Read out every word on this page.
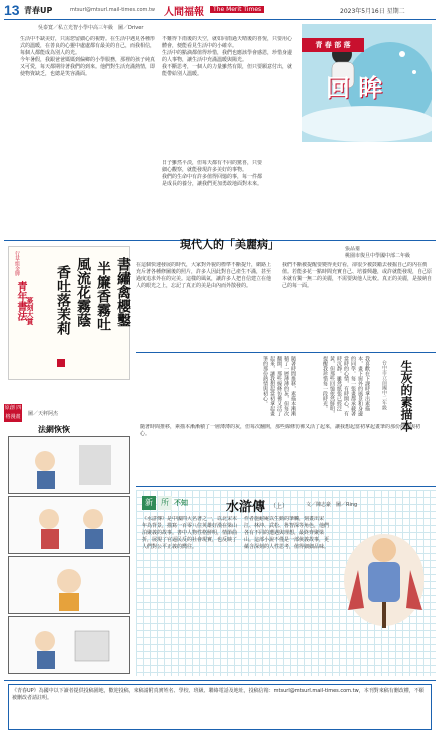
13 青春UP	mtsurl@mtsurl.mail-times.com.tw 人間福報	The Merit Times	2023年5月16日 星期二
吳泰寬／私立光智小學中高三年級　圖／Driver
生活中不缺美好，只需您留細心的視野。在生活中遇見各種形式的溫暖，在善良的心靈中處處都有最美的自己，而我相信，每個人都能成為別人的光。
今年暑假，我跟爸爸媽媽到偏鄉的小學服務，那裡的孩子純真又可愛，每天都期待著我們的到來。他們對生活充滿熱情，即使物資缺乏，也總是笑容滿面。
不難得下雨後的天空，就如同雨過天晴後的喜悅，只要用心體會，便能看見生活中的小確幸。
生活中的點滴都值得珍惜，我們也應該學會感恩，珍惜身邊的人事物，讓生活中充滿溫暖與陽光。
我不斷思考，一個人的力量雖然有限，但只要願意付出，就能帶給別人溫暖。
日子雖然平淡，但每天都有不同的驚喜，只要細心觀察，就能發現許多美好的事物。
我們的生命中有許多值得回憶的事，每一件都是成長的養分，讓我們更加勇敢地面對未來。
青 春 部 落
回 眸
現代人的「美麗病」	張品蓁
桃園市復旦中學國中部二年級
在這個快速發展的時代，大家對外貌的標準不斷提升，網路上充斥著各種修圖後的照片，許多人因此對自己產生不滿，甚至過度追求外在的完美。這樣的風氣，讓許多人把自信建立在他人的眼光之上，忘記了真正的美是由內而外散發的。
我們不斷被提醒要變得更好看，卻很少被鼓勵去發掘自己的內在價值。若能多花一點時間充實自己、培養興趣，或許就能發現，自己原本就有獨一無二的美麗，不需要與他人比較。真正的美麗，是接納自己的每一面。
青年書法 篆刻大賞
行草組金牌	書繡禽櫻鑿
半簾香霧吐
風流花霧蔭
香吐落茉莉
我喜歡在下課時拿出素描本，畫下窗外的風景和身邊的同學。每一張畫都承載著當時的心情，有時開心，有時沉靜。雖然紙張已經泛黃，但那些回憶依然鮮明，提醒我珍惜每一段時光。
隨著時間推移，素描本漸漸積了一層薄薄的灰，但每次翻開，那些線條彷彿又活了起來，讓我想起當初拿起畫筆的那份熱情與初心。	台中市立前國中二年級 生灰的素描本
隨著時間推移，素描本漸漸積了一層薄薄的灰，但每次翻開，那些線條彷彿又活了起來，讓我想起當初拿起畫筆的那份熱情與初心。
原創 四格漫畫	圖／天秤阿杰
法網恢恢
新	所 不知	水滸傳 （上）	文／陳志豪　圖／Ring
《水滸傳》是中國四大名著之一，以北宋末年為背景，描寫一百零八位英雄好漢在梁山泊聚義的故事。書中人物性格鮮明，情節曲折，展現了官逼民反的社會現實，也反映了人們對公平正義的嚮往。
作者施耐庵以生動的筆觸，刻畫出宋江、林沖、武松、魯智深等角色，他們各有不同的遭遇與理想，最終齊聚梁山。這部小說不僅是一部俠義故事，更蘊含深刻的人性思考，值得細細品味。
《青春UP》為國中以下讀者提供投稿園地，歡迎投稿，來稿請附真實姓名、學校、班級、聯絡電話及地址，投稿信箱：mtsurl@mtsurl.mail-times.com.tw，本刊對來稿有刪改權，不願被刪改者請註明。
